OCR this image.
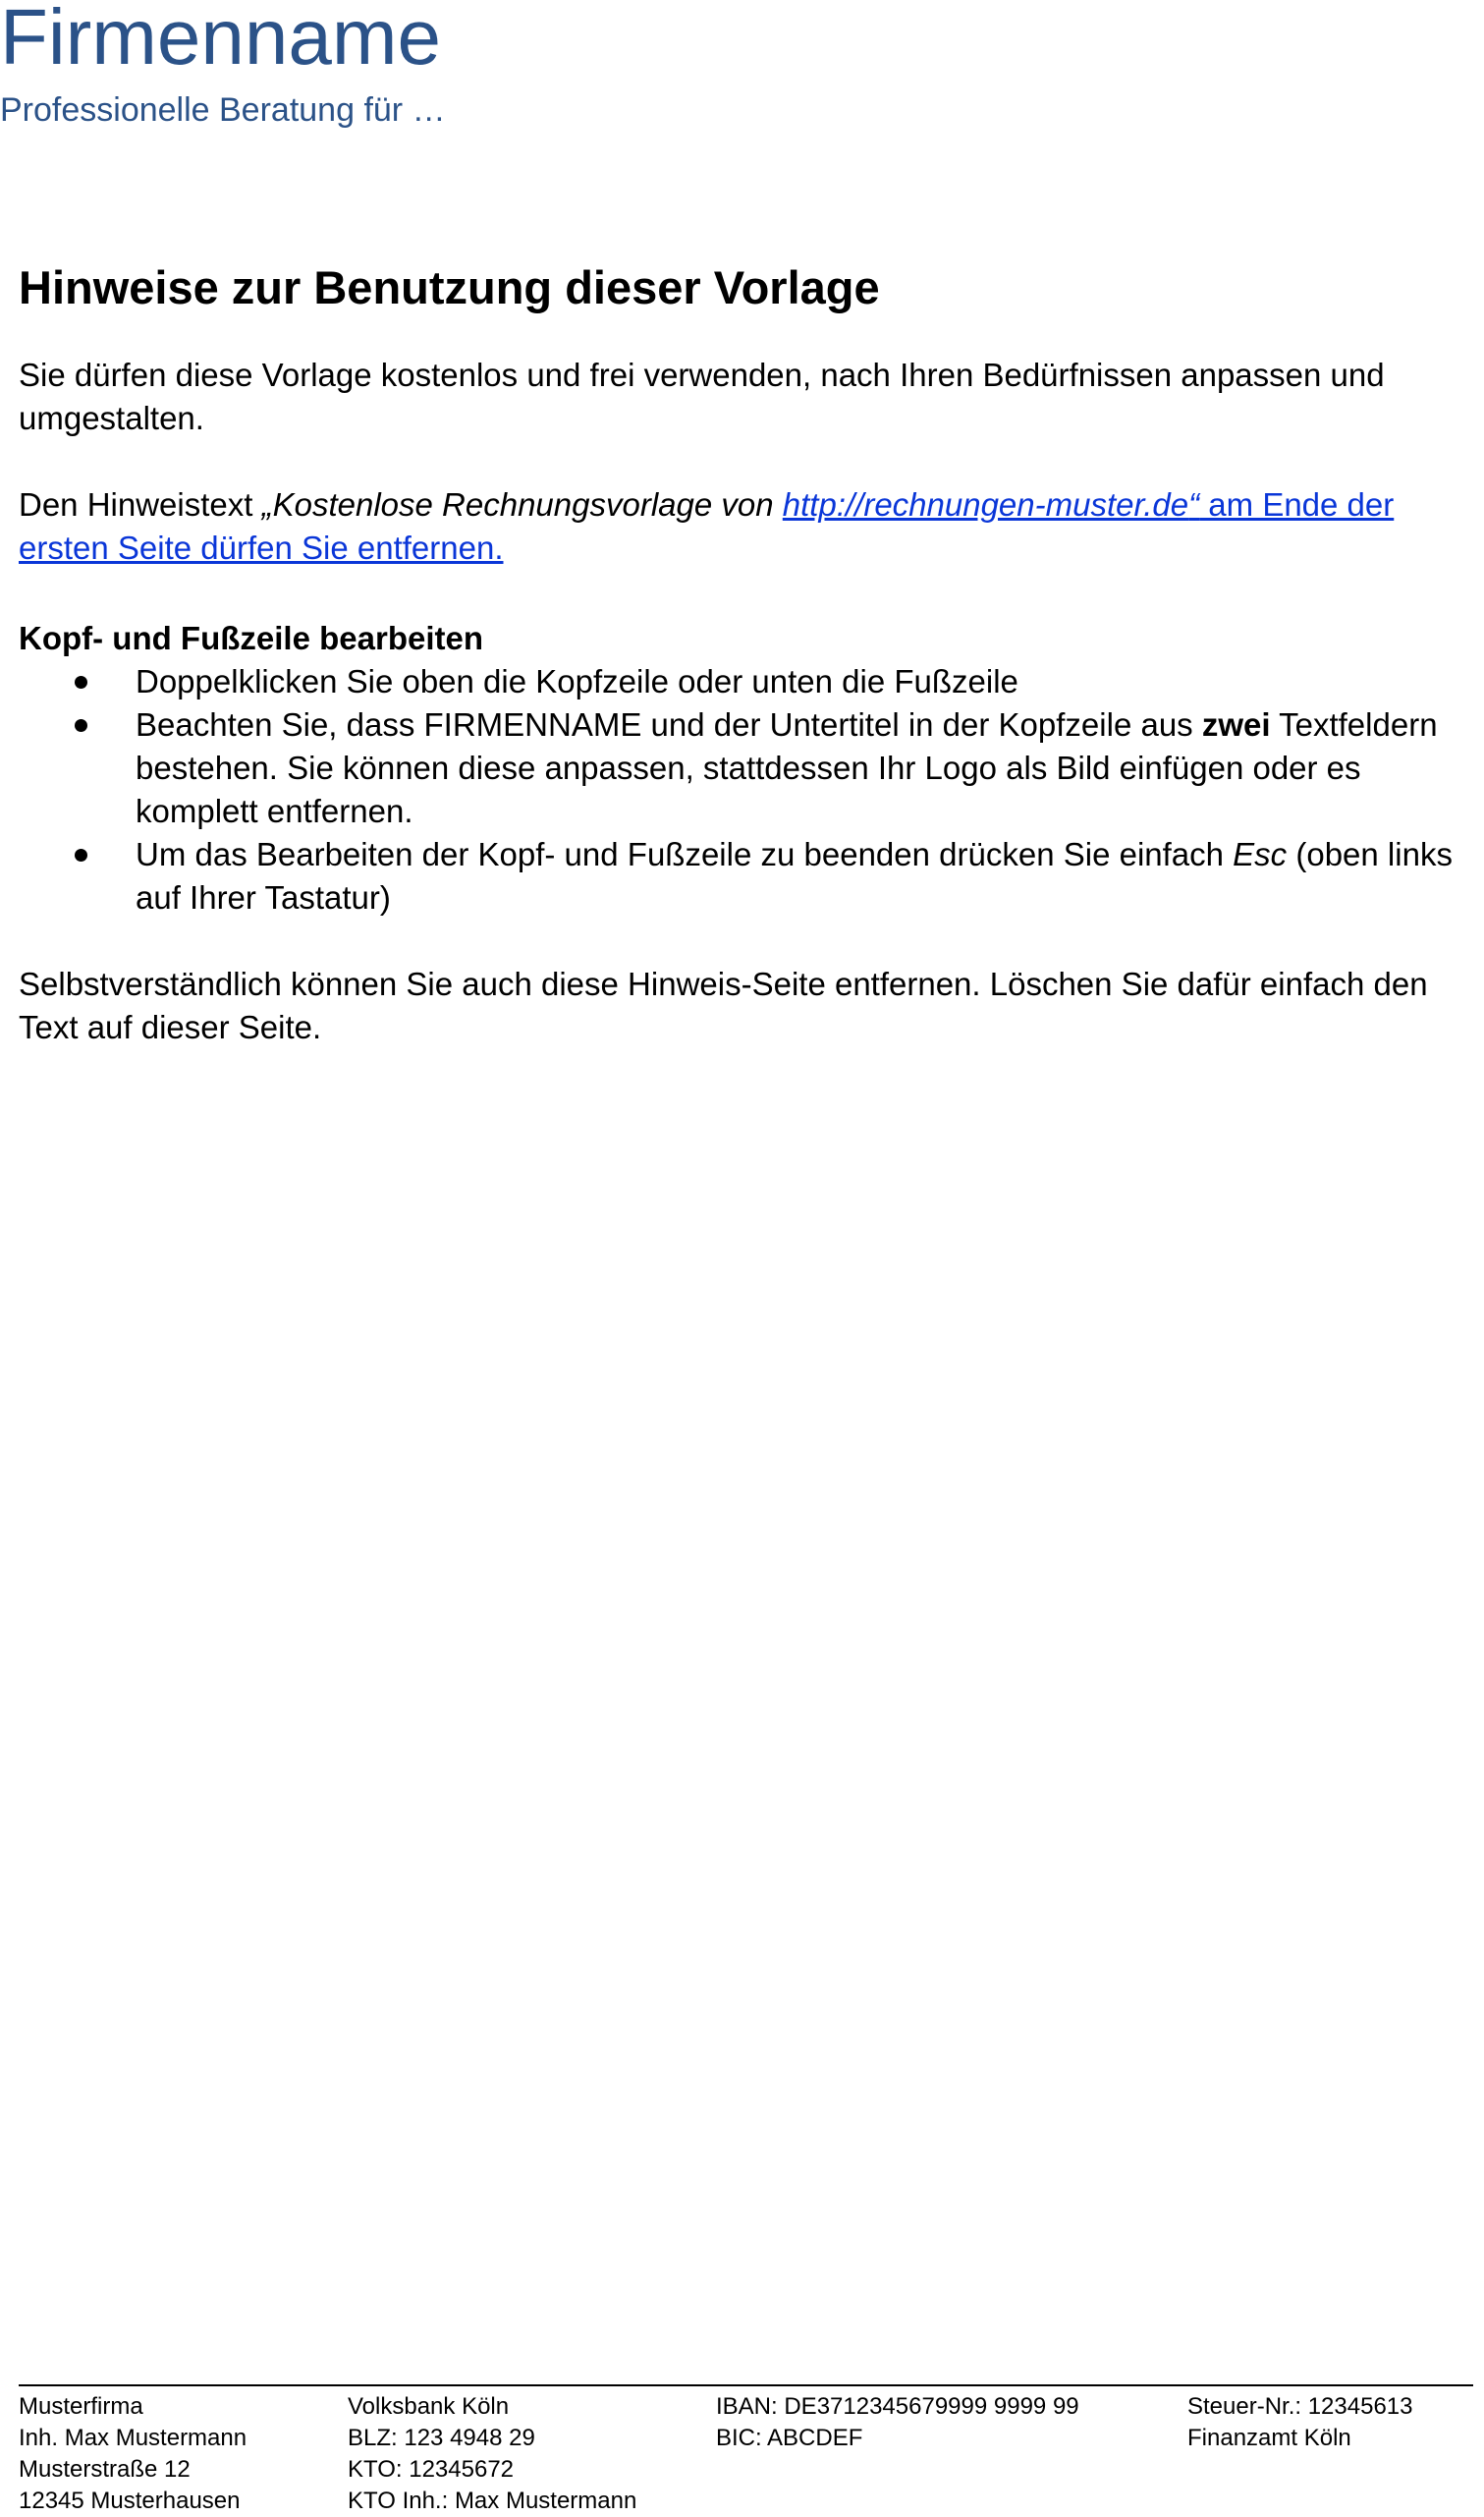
Firmenname
Professionelle Beratung für …
Hinweise zur Benutzung dieser Vorlage

Sie dürfen diese Vorlage kostenlos und frei verwenden, nach Ihren Bedürfnissen anpassen und umgestalten.

Den Hinweistext „Kostenlose Rechnungsvorlage von http://rechnungen-muster.de“ am Ende der ersten Seite dürfen Sie entfernen.

Kopf- und Fußzeile bearbeiten

Doppelklicken Sie oben die Kopfzeile oder unten die Fußzeile
Beachten Sie, dass FIRMENNAME und der Untertitel in der Kopfzeile aus zwei Textfeldern bestehen. Sie können diese anpassen, stattdessen Ihr Logo als Bild einfügen oder es komplett entfernen.
Um das Bearbeiten der Kopf- und Fußzeile zu beenden drücken Sie einfach Esc (oben links auf Ihrer Tastatur)

Selbstverständlich können Sie auch diese Hinweis-Seite entfernen. Löschen Sie dafür einfach den Text auf dieser Seite.

Musterfirma
Inh. Max Mustermann
Musterstraße 12
12345 Musterhausen
Volksbank Köln
BLZ: 123 4948 29
KTO: 12345672
KTO Inh.: Max Mustermann
IBAN: DE3712345679999 9999 99
BIC: ABCDEF
Steuer-Nr.: 12345613
Finanzamt Köln
